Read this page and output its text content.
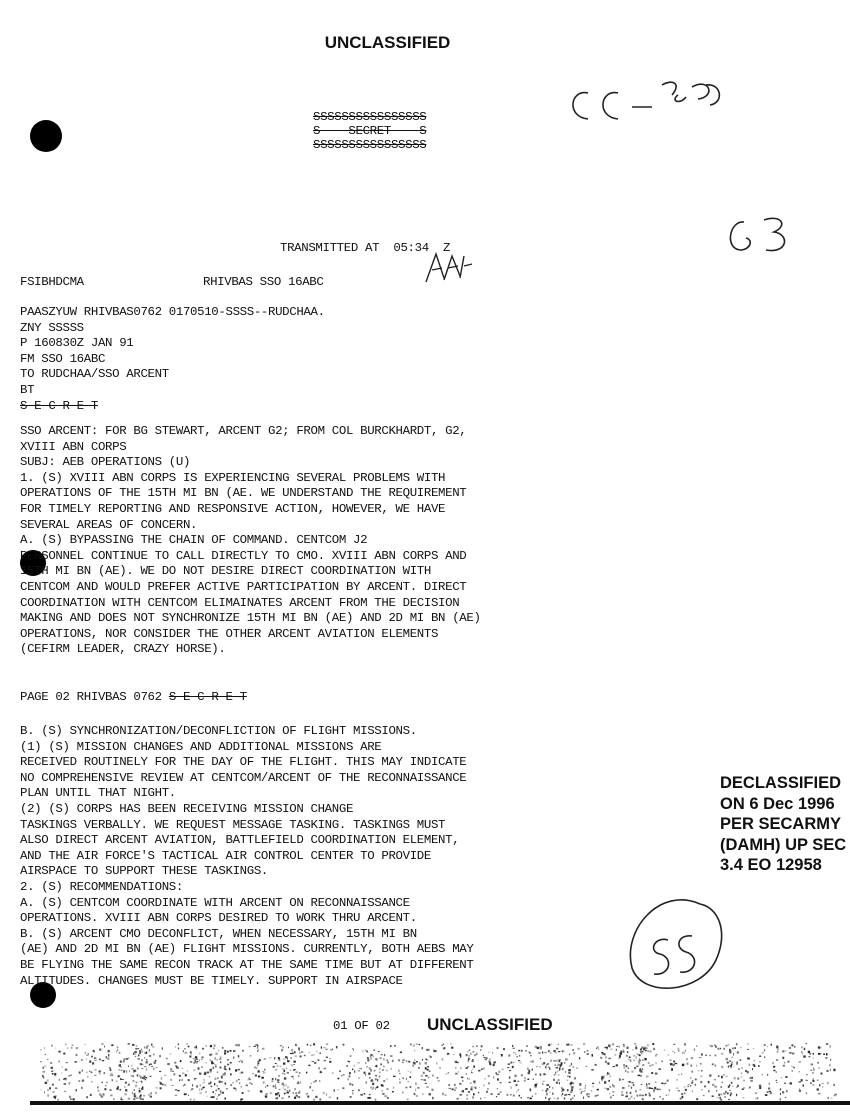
UNCLASSIFIED
SSSSSSSSSSSSSSSS
S    SECRET    S
SSSSSSSSSSSSSSSS
TRANSMITTED AT  05:34  Z
FSIBHDCMA	RHIVBAS SSO 16ABC
PAASZYUW RHIVBAS0762 0170510-SSSS--RUDCHAA.
ZNY SSSSS
P 160830Z JAN 91
FM SSO 16ABC
TO RUDCHAA/SSO ARCENT
BT
S E C R E T
SSO ARCENT: FOR BG STEWART, ARCENT G2; FROM COL BURCKHARDT, G2,
XVIII ABN CORPS
SUBJ: AEB OPERATIONS (U)
1. (S) XVIII ABN CORPS IS EXPERIENCING SEVERAL PROBLEMS WITH
OPERATIONS OF THE 15TH MI BN (AE. WE UNDERSTAND THE REQUIREMENT
FOR TIMELY REPORTING AND RESPONSIVE ACTION, HOWEVER, WE HAVE
SEVERAL AREAS OF CONCERN.
A. (S) BYPASSING THE CHAIN OF COMMAND. CENTCOM J2
PERSONNEL CONTINUE TO CALL DIRECTLY TO CMO. XVIII ABN CORPS AND
15TH MI BN (AE). WE DO NOT DESIRE DIRECT COORDINATION WITH
CENTCOM AND WOULD PREFER ACTIVE PARTICIPATION BY ARCENT. DIRECT
COORDINATION WITH CENTCOM ELIMAINATES ARCENT FROM THE DECISION
MAKING AND DOES NOT SYNCHRONIZE 15TH MI BN (AE) AND 2D MI BN (AE)
OPERATIONS, NOR CONSIDER THE OTHER ARCENT AVIATION ELEMENTS
(CEFIRM LEADER, CRAZY HORSE).
PAGE 02 RHIVBAS 0762 S E C R E T
B. (S) SYNCHRONIZATION/DECONFLICTION OF FLIGHT MISSIONS.
(1) (S) MISSION CHANGES AND ADDITIONAL MISSIONS ARE
RECEIVED ROUTINELY FOR THE DAY OF THE FLIGHT. THIS MAY INDICATE
NO COMPREHENSIVE REVIEW AT CENTCOM/ARCENT OF THE RECONNAISSANCE
PLAN UNTIL THAT NIGHT.
(2) (S) CORPS HAS BEEN RECEIVING MISSION CHANGE
TASKINGS VERBALLY. WE REQUEST MESSAGE TASKING. TASKINGS MUST
ALSO DIRECT ARCENT AVIATION, BATTLEFIELD COORDINATION ELEMENT,
AND THE AIR FORCE'S TACTICAL AIR CONTROL CENTER TO PROVIDE
AIRSPACE TO SUPPORT THESE TASKINGS.
2. (S) RECOMMENDATIONS:
A. (S) CENTCOM COORDINATE WITH ARCENT ON RECONNAISSANCE
OPERATIONS. XVIII ABN CORPS DESIRED TO WORK THRU ARCENT.
B. (S) ARCENT CMO DECONFLICT, WHEN NECESSARY, 15TH MI BN
(AE) AND 2D MI BN (AE) FLIGHT MISSIONS. CURRENTLY, BOTH AEBS MAY
BE FLYING THE SAME RECON TRACK AT THE SAME TIME BUT AT DIFFERENT
ALTITUDES. CHANGES MUST BE TIMELY. SUPPORT IN AIRSPACE
DECLASSIFIED ON 6 Dec 1996 PER SECARMY (DAMH) UP SEC 3.4 EO 12958
01 OF 02 UNCLASSIFIED
